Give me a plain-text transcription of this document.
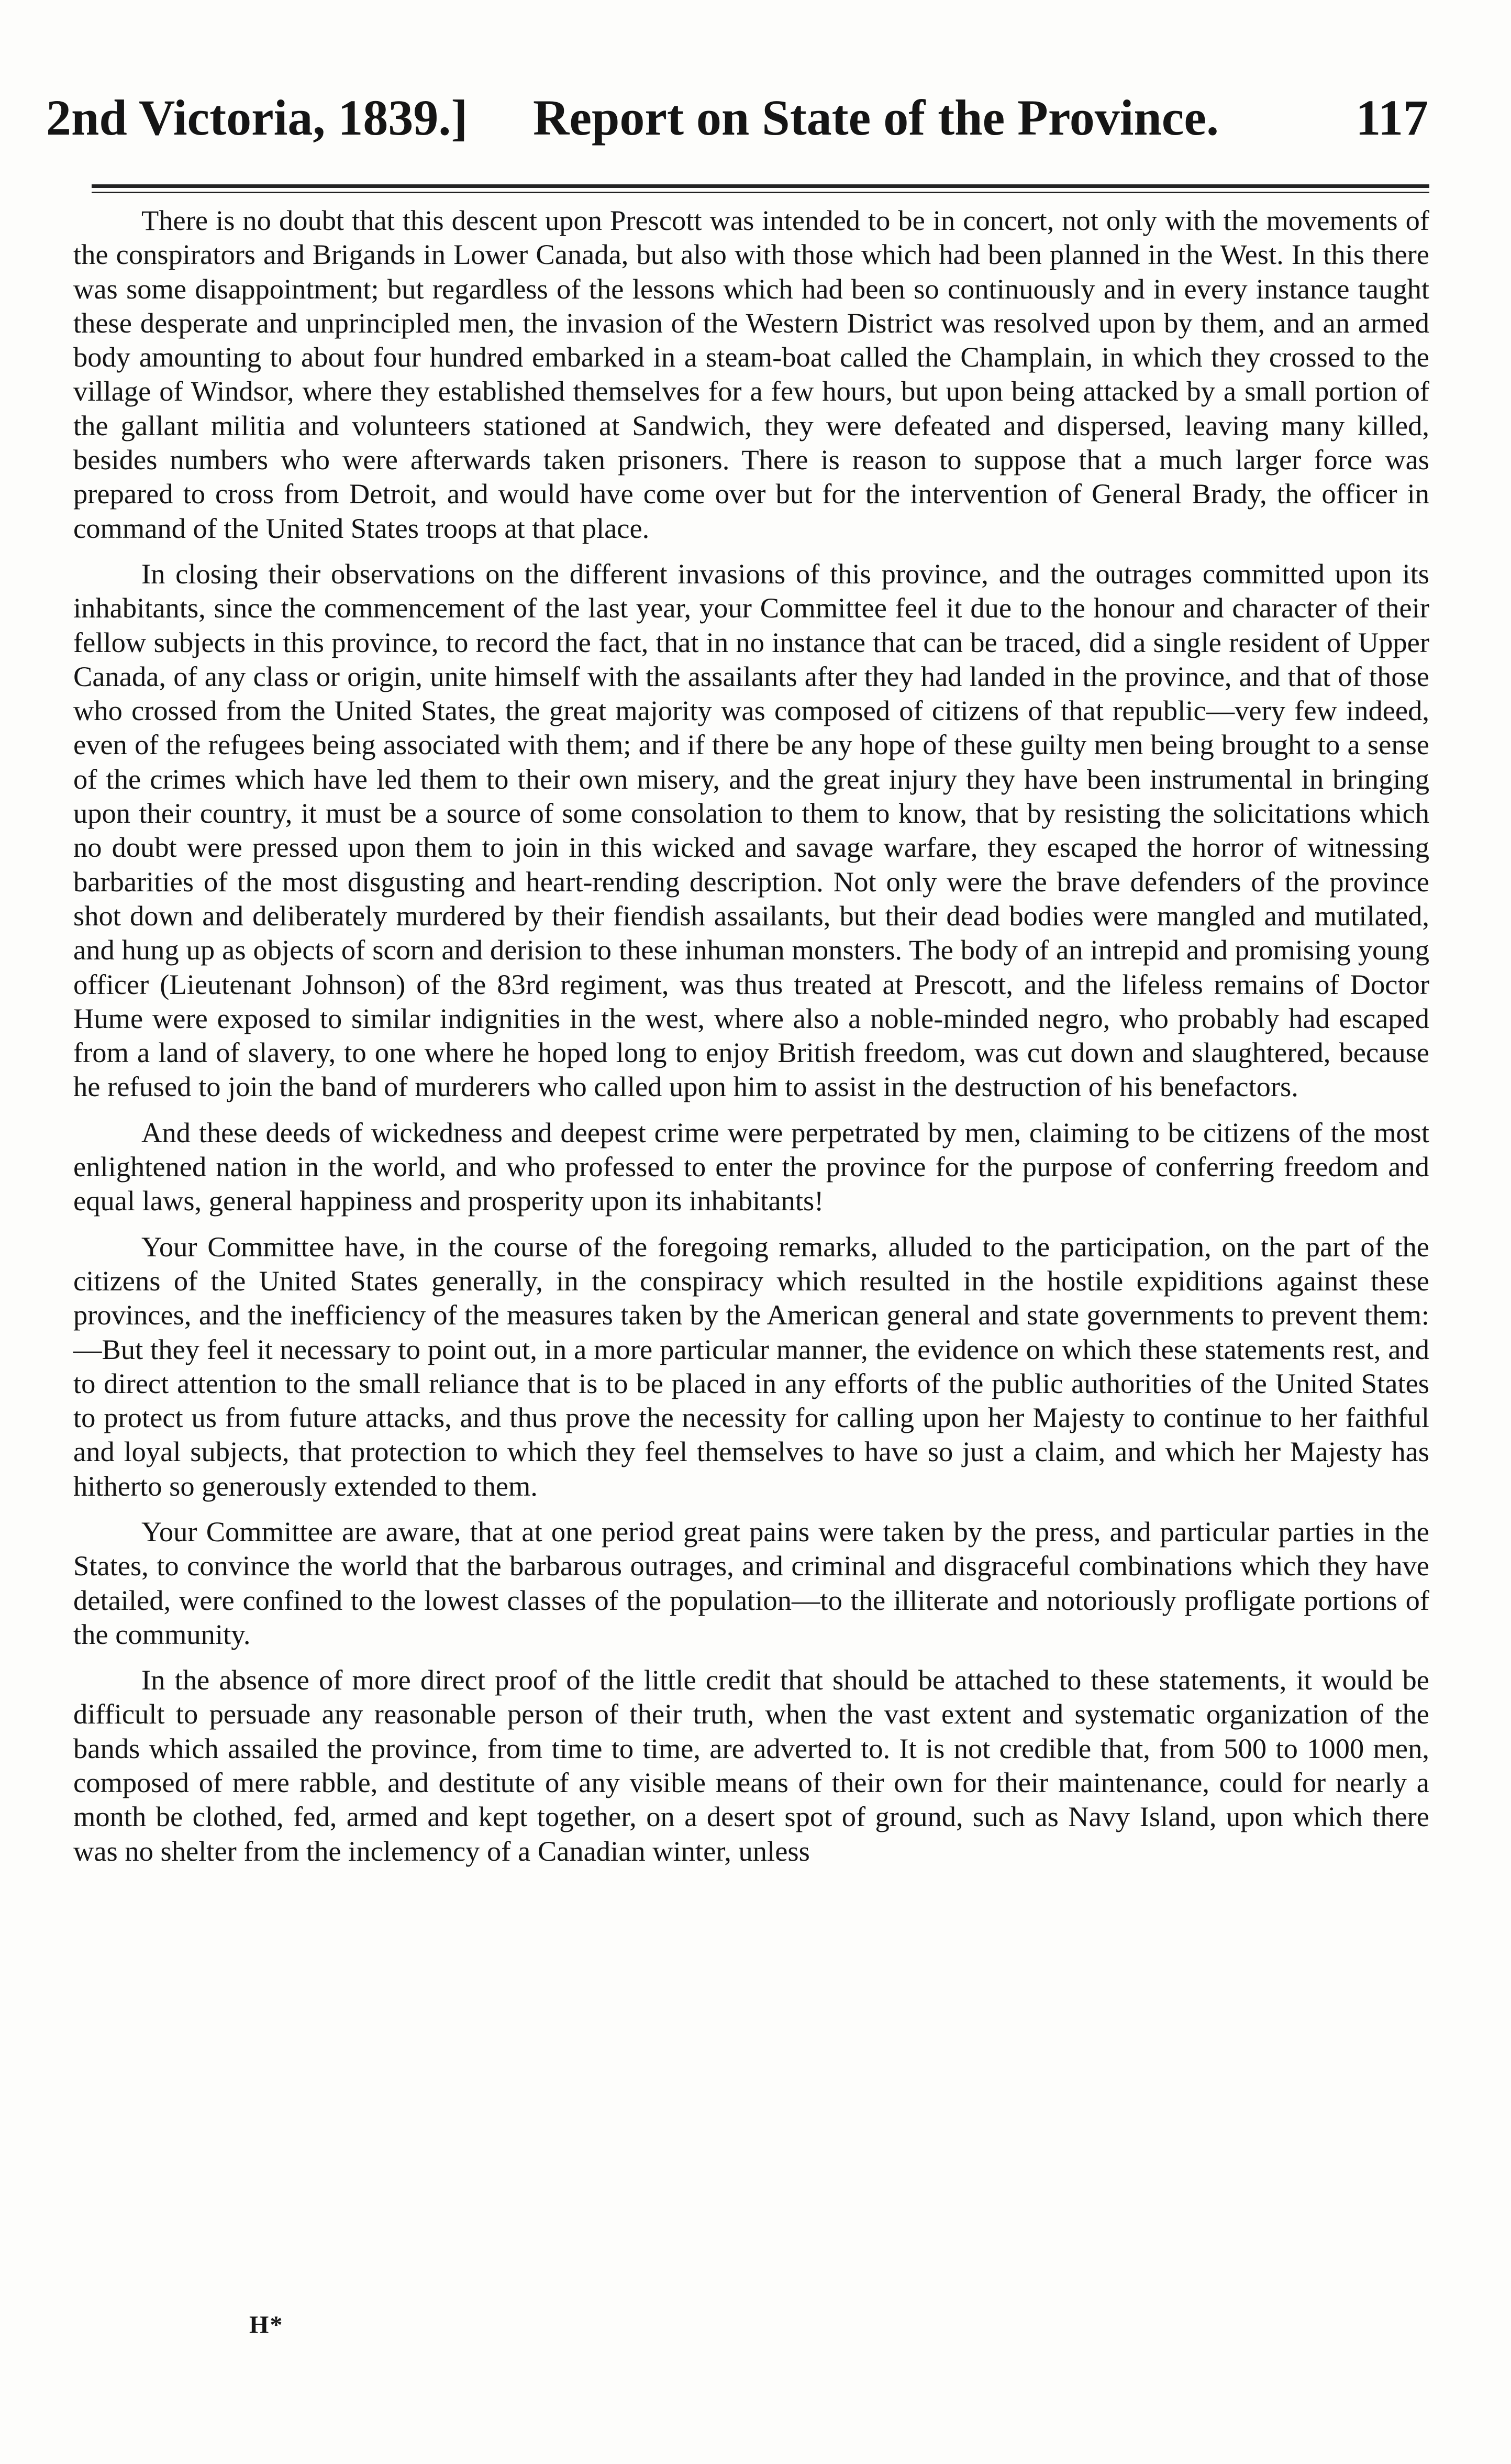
2nd Victoria, 1839.] Report on State of the Province.	117

There is no doubt that this descent upon Prescott was intended to be in concert, not only with the movements of the conspirators and Brigands in Lower Canada, but also with those which had been planned in the West. In this there was some disappointment; but regardless of the lessons which had been so continuously and in every instance taught these desperate and unprincipled men, the invasion of the Western District was resolved upon by them, and an armed body amounting to about four hundred embarked in a steam-boat called the Champlain, in which they crossed to the village of Windsor, where they established themselves for a few hours, but upon being attacked by a small portion of the gallant militia and volunteers stationed at Sandwich, they were defeated and dispersed, leaving many killed, besides numbers who were afterwards taken prisoners. There is reason to suppose that a much larger force was prepared to cross from Detroit, and would have come over but for the intervention of General Brady, the officer in command of the United States troops at that place.

In closing their observations on the different invasions of this province, and the outrages committed upon its inhabitants, since the commencement of the last year, your Committee feel it due to the honour and character of their fellow subjects in this province, to record the fact, that in no instance that can be traced, did a single resident of Upper Canada, of any class or origin, unite himself with the assailants after they had landed in the province, and that of those who crossed from the United States, the great majority was composed of citizens of that republic—very few indeed, even of the refugees being associated with them; and if there be any hope of these guilty men being brought to a sense of the crimes which have led them to their own misery, and the great injury they have been instrumental in bringing upon their country, it must be a source of some consolation to them to know, that by resisting the solicitations which no doubt were pressed upon them to join in this wicked and savage warfare, they escaped the horror of witnessing barbarities of the most disgusting and heart-rending description. Not only were the brave defenders of the province shot down and deliberately murdered by their fiendish assailants, but their dead bodies were mangled and mutilated, and hung up as objects of scorn and derision to these inhuman monsters. The body of an intrepid and promising young officer (Lieutenant Johnson) of the 83rd regiment, was thus treated at Prescott, and the lifeless remains of Doctor Hume were exposed to similar indignities in the west, where also a noble-minded negro, who probably had escaped from a land of slavery, to one where he hoped long to enjoy British freedom, was cut down and slaughtered, because he refused to join the band of murderers who called upon him to assist in the destruction of his benefactors.

And these deeds of wickedness and deepest crime were perpetrated by men, claiming to be citizens of the most enlightened nation in the world, and who professed to enter the province for the purpose of conferring freedom and equal laws, general happiness and prosperity upon its inhabitants!

Your Committee have, in the course of the foregoing remarks, alluded to the participation, on the part of the citizens of the United States generally, in the conspiracy which resulted in the hostile expiditions against these provinces, and the inefficiency of the measures taken by the American general and state governments to prevent them:—But they feel it necessary to point out, in a more particular manner, the evidence on which these statements rest, and to direct attention to the small reliance that is to be placed in any efforts of the public authorities of the United States to protect us from future attacks, and thus prove the necessity for calling upon her Majesty to continue to her faithful and loyal subjects, that protection to which they feel themselves to have so just a claim, and which her Majesty has hitherto so generously extended to them.

Your Committee are aware, that at one period great pains were taken by the press, and particular parties in the States, to convince the world that the barbarous outrages, and criminal and disgraceful combinations which they have detailed, were confined to the lowest classes of the population—to the illiterate and notoriously profligate portions of the community.

In the absence of more direct proof of the little credit that should be attached to these statements, it would be difficult to persuade any reasonable person of their truth, when the vast extent and systematic organization of the bands which assailed the province, from time to time, are adverted to. It is not credible that, from 500 to 1000 men, composed of mere rabble, and destitute of any visible means of their own for their maintenance, could for nearly a month be clothed, fed, armed and kept together, on a desert spot of ground, such as Navy Island, upon which there was no shelter from the inclemency of a Canadian winter, unless

H*
